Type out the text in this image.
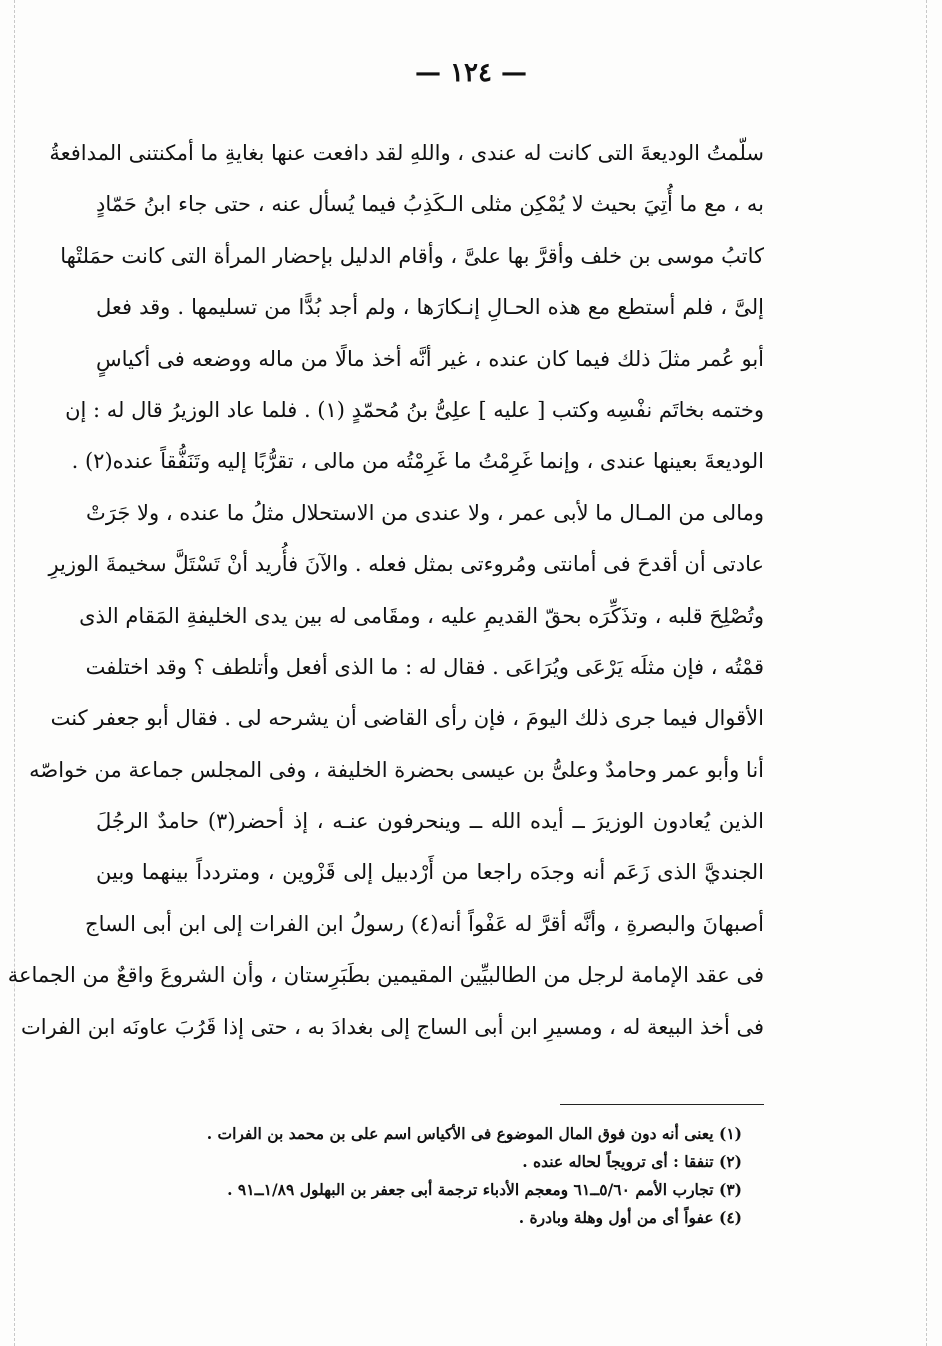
— ١٢٤ —
سلّمتُ الوديعةَ التى كانت له عندى ، واللهِ لقد دافعت عنها بغايةِ ما أمكنتنى المدافعةُ
به ، مع ما أُتِيَ بحيث لا يُمْكِن مثلى الـكَذِبُ فيما يُسأل عنه ، حتى جاء ابنُ حَمّادٍ
كاتبُ موسى بن خلف وأقرَّ بها علىَّ ، وأقام الدليل بإحضار المرأة التى كانت حمَلتْها
إلىَّ ، فلم أستطع مع هذه الحـالِ إنـكارَها ، ولم أجد بُدًّا من تسليمها . وقد فعل
أبو عُمر مثلَ ذلك فيما كان عنده ، غير أنَّه أخذ مالًا من ماله ووضعه فى أكياسٍ
وختمه بخاتَم نفْسِه وكتب [ عليه ] علِىُّ بنُ مُحمّدٍ (١) . فلما عاد الوزيرُ قال له : إن
الوديعةَ بعينها عندى ، وإنما غَرِمْتُ ما غَرِمْتُه من مالى ، تقرُّبًا إليه وتَنَفُّقاً عنده(٢) .
ومالى من المـال ما لأبى عمر ، ولا عندى من الاستحلال مثلُ ما عنده ، ولا جَرَتْ
عادتى أن أقدحَ فى أمانتى ومُروءتى بمثل فعله . والآنَ فأُريد أنْ تَسْتَلَّ سخيمةَ الوزيرِ
وتُصْلِحَ قلبه ، وتذَكِّرَه بحقّ القديمِ عليه ، ومقَامى له بين يدى الخليفةِ المَقام الذى
قمْتُه ، فإن مثلَه يَرْعَى ويُرَاعَى . فقال له : ما الذى أفعل وأتلطف ؟ وقد اختلفت
الأقوال فيما جرى ذلك اليومَ ، فإن رأى القاضى أن يشرحه لى . فقال أبو جعفر كنت
أنا وأبو عمر وحامدٌ وعلىُّ بن عيسى بحضرة الخليفة ، وفى المجلس جماعة من خواصّه
الذين يُعادون الوزيرَ ــ أيده الله ــ وينحرفون عنـه ، إذ أحضر(٣) حامدٌ الرجُلَ
الجنديَّ الذى زَعَم أنه وجدَه راجعا من أَرْدبيل إلى قَزْوين ، ومتردداً بينهما وبين
أصبهانَ والبصرةِ ، وأنَّه أقرَّ له عَفْواً أنه(٤) رسولُ ابن الفرات إلى ابن أبى الساج
فى عقد الإمامة لرجل من الطالبيِّين المقيمين بطَبَرِستان ، وأن الشروعَ واقعٌ من الجماعة
فى أخذ البيعة له ، ومسيرِ ابن أبى الساج إلى بغدادَ به ، حتى إذا قَرُبَ عاونَه ابن الفرات
(١) يعنى أنه دون فوق المال الموضوع فى الأكياس اسم على بن محمد بن الفرات .
(٢) تنفقا : أى ترويجاً لحاله عنده .
(٣) تجارب الأمم ٥/٦٠ــ٦١ ومعجم الأدباء ترجمة أبى جعفر بن البهلول ١/٨٩ــ٩١ .
(٤) عفواً أى من أول وهلة وبادرة .
